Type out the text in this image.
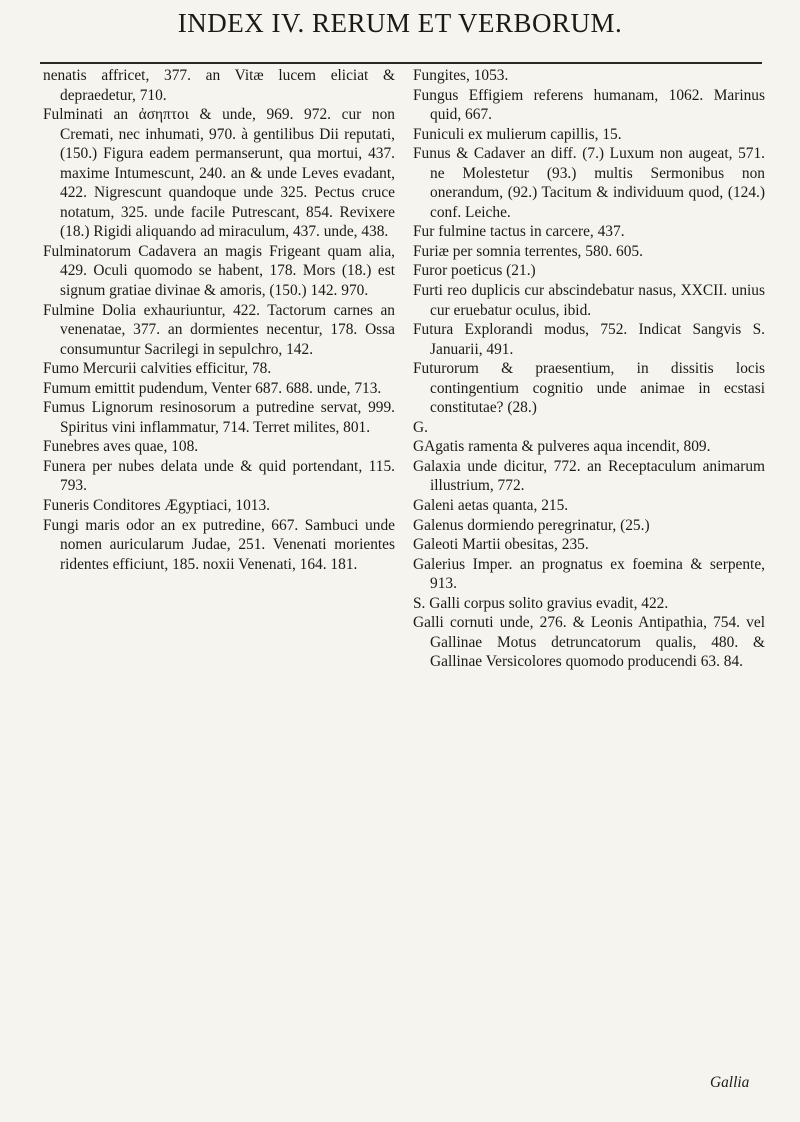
INDEX IV. RERUM ET VERBORUM.

nenatis affricet, 377. an Vitæ lucem eliciat & depraedetur, 710.

Fulminati an ἀσηπτοι & unde, 969. 972. cur non Cremati, nec inhumati, 970. à gentilibus Dii reputati, (150.) Figura eadem permanserunt, qua mortui, 437. maxime Intumescunt, 240. an & unde Leves evadant, 422. Nigrescunt quandoque unde 325. Pectus cruce notatum, 325. unde facile Putrescant, 854. Revixere (18.) Rigidi aliquando ad miraculum, 437. unde, 438.

Fulminatorum Cadavera an magis Frigeant quam alia, 429. Oculi quomodo se habent, 178. Mors (18.) est signum gratiae divinae & amoris, (150.) 142. 970.

Fulmine Dolia exhauriuntur, 422. Tactorum carnes an venenatae, 377. an dormientes necentur, 178. Ossa consumuntur Sacrilegi in sepulchro, 142.

Fumo Mercurii calvities efficitur, 78.

Fumum emittit pudendum, Venter 687. 688. unde, 713.

Fumus Lignorum resinosorum a putredine servat, 999. Spiritus vini inflammatur, 714. Terret milites, 801.

Funebres aves quae, 108.

Funera per nubes delata unde & quid portendant, 115. 793.

Funeris Conditores Ægyptiaci, 1013.

Fungi maris odor an ex putredine, 667. Sambuci unde nomen auricularum Judae, 251. Venenati morientes ridentes efficiunt, 185. noxii Venenati, 164. 181.

Fungites, 1053.

Fungus Effigiem referens humanam, 1062. Marinus quid, 667.

Funiculi ex mulierum capillis, 15.

Funus & Cadaver an diff. (7.) Luxum non augeat, 571. ne Molestetur (93.) multis Sermonibus non onerandum, (92.) Tacitum & individuum quod, (124.) conf. Leiche.

Fur fulmine tactus in carcere, 437.

Furiæ per somnia terrentes, 580. 605.

Furor poeticus (21.)

Furti reo duplicis cur abscindebatur nasus, XXCII. unius cur eruebatur oculus, ibid.

Futura Explorandi modus, 752. Indicat Sangvis S. Januarii, 491.

Futurorum & praesentium, in dissitis locis contingentium cognitio unde animae in ecstasi constitutae? (28.)

G.

GAgatis ramenta & pulveres aqua incendit, 809.

Galaxia unde dicitur, 772. an Receptaculum animarum illustrium, 772.

Galeni aetas quanta, 215.

Galenus dormiendo peregrinatur, (25.)

Galeoti Martii obesitas, 235.

Galerius Imper. an prognatus ex foemina & serpente, 913.

S. Galli corpus solito gravius evadit, 422.

Galli cornuti unde, 276. & Leonis Antipathia, 754. vel Gallinae Motus detruncatorum qualis, 480. & Gallinae Versicolores quomodo producendi 63. 84.

Gallia
